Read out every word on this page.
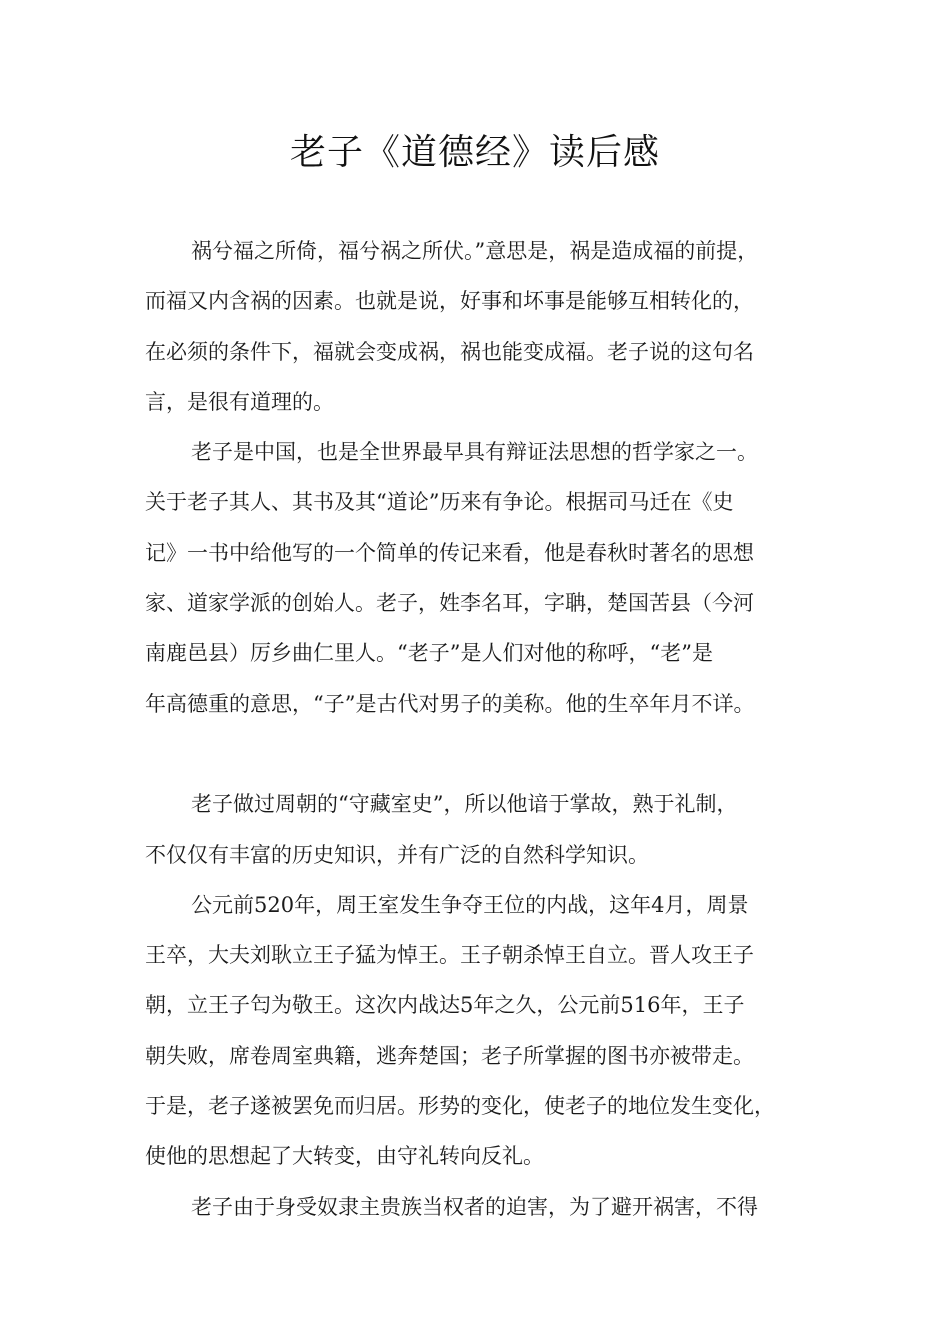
老子《道德经》读后感
祸兮福之所倚，福兮祸之所伏。”意思是，祸是造成福的前提，
而福又内含祸的因素。也就是说，好事和坏事是能够互相转化的，
在必须的条件下，福就会变成祸，祸也能变成福。老子说的这句名
言，是很有道理的。
老子是中国，也是全世界最早具有辩证法思想的哲学家之一。
关于老子其人、其书及其“道论”历来有争论。根据司马迁在《史
记》一书中给他写的一个简单的传记来看，他是春秋时著名的思想
家、道家学派的创始人。老子，姓李名耳，字聃，楚国苦县（今河
南鹿邑县）厉乡曲仁里人。“老子”是人们对他的称呼，“老”是
年高德重的意思，“子”是古代对男子的美称。他的生卒年月不详。
老子做过周朝的“守藏室史”，所以他谙于掌故，熟于礼制，
不仅仅有丰富的历史知识，并有广泛的自然科学知识。
公元前520年，周王室发生争夺王位的内战，这年4月，周景
王卒，大夫刘耿立王子猛为悼王。王子朝杀悼王自立。晋人攻王子
朝，立王子匄为敬王。这次内战达5年之久，公元前516年，王子
朝失败，席卷周室典籍，逃奔楚国；老子所掌握的图书亦被带走。
于是，老子遂被罢免而归居。形势的变化，使老子的地位发生变化，
使他的思想起了大转变，由守礼转向反礼。
老子由于身受奴隶主贵族当权者的迫害，为了避开祸害，不得
